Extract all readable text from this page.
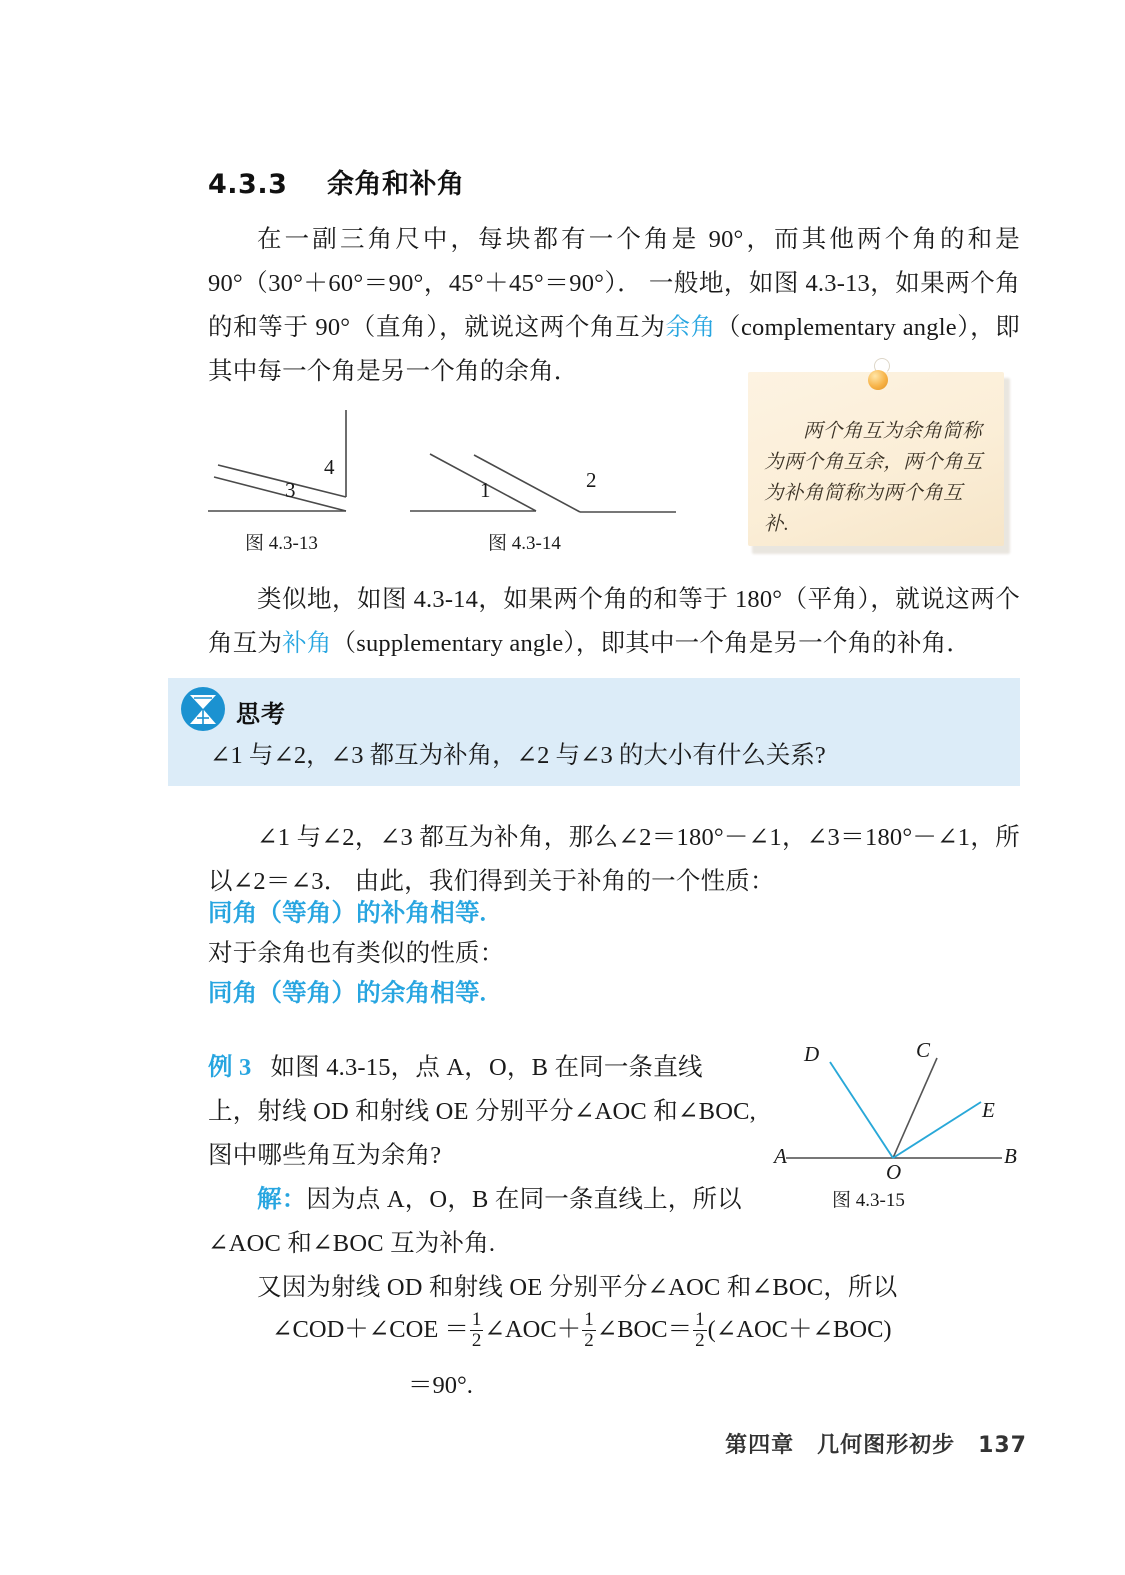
4.3.3 余角和补角
在一副三角尺中，每块都有一个角是 90°，而其他两个角的和是 90°（30°＋60°＝90°，45°＋45°＝90°）． 一般地，如图 4.3-13，如果两个角的和等于 90°（直角），就说这两个角互为余角（complementary angle），即其中每一个角是另一个角的余角．
两个角互为余角简称为两个角互余，两个角互为补角简称为两个角互补.
3
4
图 4.3-13
1	2
图 4.3-14
类似地，如图 4.3-14，如果两个角的和等于 180°（平角），就说这两个角互为补角（supplementary angle），即其中一个角是另一个角的补角．
思考
∠1 与∠2，∠3 都互为补角，∠2 与∠3 的大小有什么关系?
∠1 与∠2，∠3 都互为补角，那么∠2＝180°－∠1，∠3＝180°－∠1，所以∠2＝∠3． 由此，我们得到关于补角的一个性质：
同角（等角）的补角相等.
对于余角也有类似的性质：
同角（等角）的余角相等.
例 3 如图 4.3-15，点 A，O，B 在同一条直线
上，射线 OD 和射线 OE 分别平分∠AOC 和∠BOC,
图中哪些角互为余角?
解：因为点 A，O，B 在同一条直线上，所以
∠AOC 和∠BOC 互为补角.
A	B
C
D
E
O
图 4.3-15
又因为射线 OD 和射线 OE 分别平分∠AOC 和∠BOC，所以
∠COD＋∠COE ＝ $\frac{1}{2}$ ∠AOC＋ $\frac{1}{2}$ ∠BOC＝ $\frac{1}{2}$ (∠AOC＋∠BOC)
＝90°.
第四章　几何图形初步　137
